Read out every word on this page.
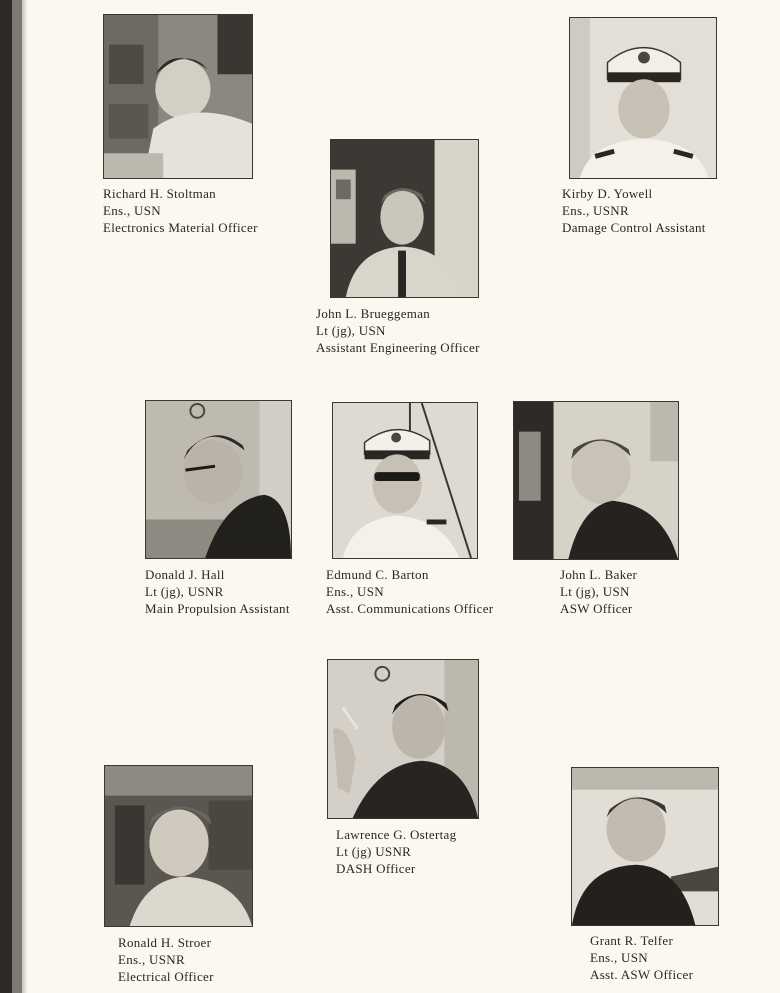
Richard H. Stoltman
Ens., USN
Electronics Material Officer
John L. Brueggeman
Lt (jg), USN
Assistant Engineering Officer
Kirby D. Yowell
Ens., USNR
Damage Control Assistant
Donald J. Hall
Lt (jg), USNR
Main Propulsion Assistant
Edmund C. Barton
Ens., USN
Asst. Communications Officer
John L. Baker
Lt (jg), USN
ASW Officer
Lawrence G. Ostertag
Lt (jg) USNR
DASH Officer
Ronald H. Stroer
Ens., USNR
Electrical Officer
Grant R. Telfer
Ens., USN
Asst. ASW Officer
